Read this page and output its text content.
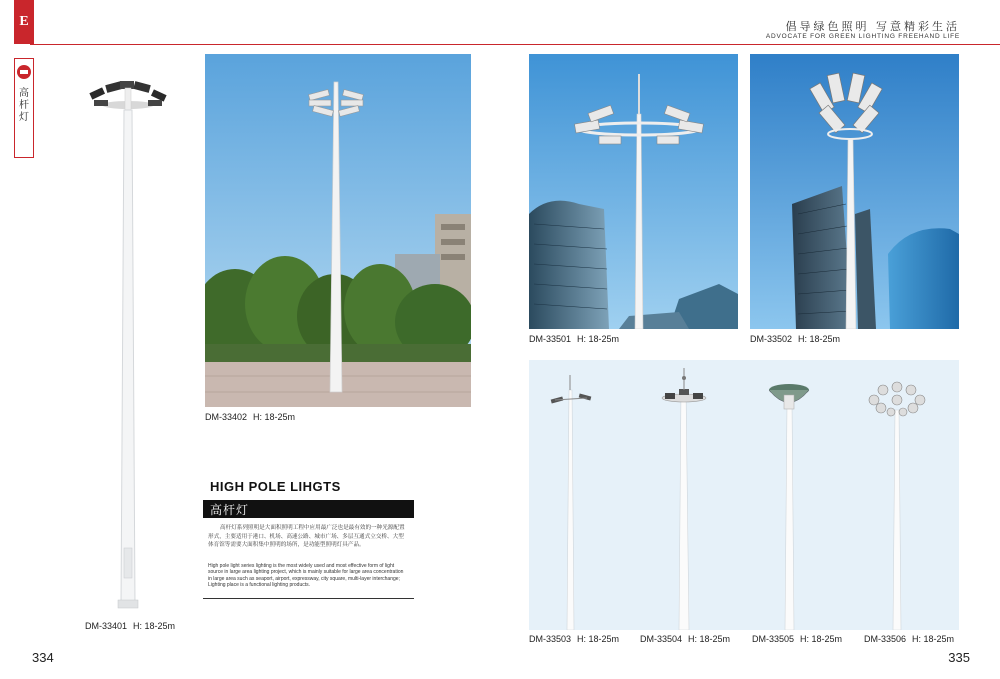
E	倡导绿色照明 写意精彩生活
ADVOCATE FOR GREEN LIGHTING FREEHAND LIFE
高杆灯
DM-33401 H: 18-25m
DM-33402 H: 18-25m
HIGH POLE LIHGTS
高杆灯
高杆灯系列照明是大面积照明工程中应用最广泛也是最有效的一种光源配置形式，主要适用于港口、机场、高速公路、城市广场、多层互通式立交桥、大型体育馆等需要大面积集中照明的场所，是功能型照明灯具产品。
High pole light series lighting is the most widely used and most effective form of light source in large area lighting project, which is mainly suitable for large area concentration in large area such as seaport, airport, expressway, city square, multi-layer interchange; Lighting place is a functional lighting products.
DM-33501 H: 18-25m	DM-33502 H: 18-25m
DM-33503 H: 18-25m DM-33504 H: 18-25m DM-33505 H: 18-25m DM-33506 H: 18-25m
334	335
